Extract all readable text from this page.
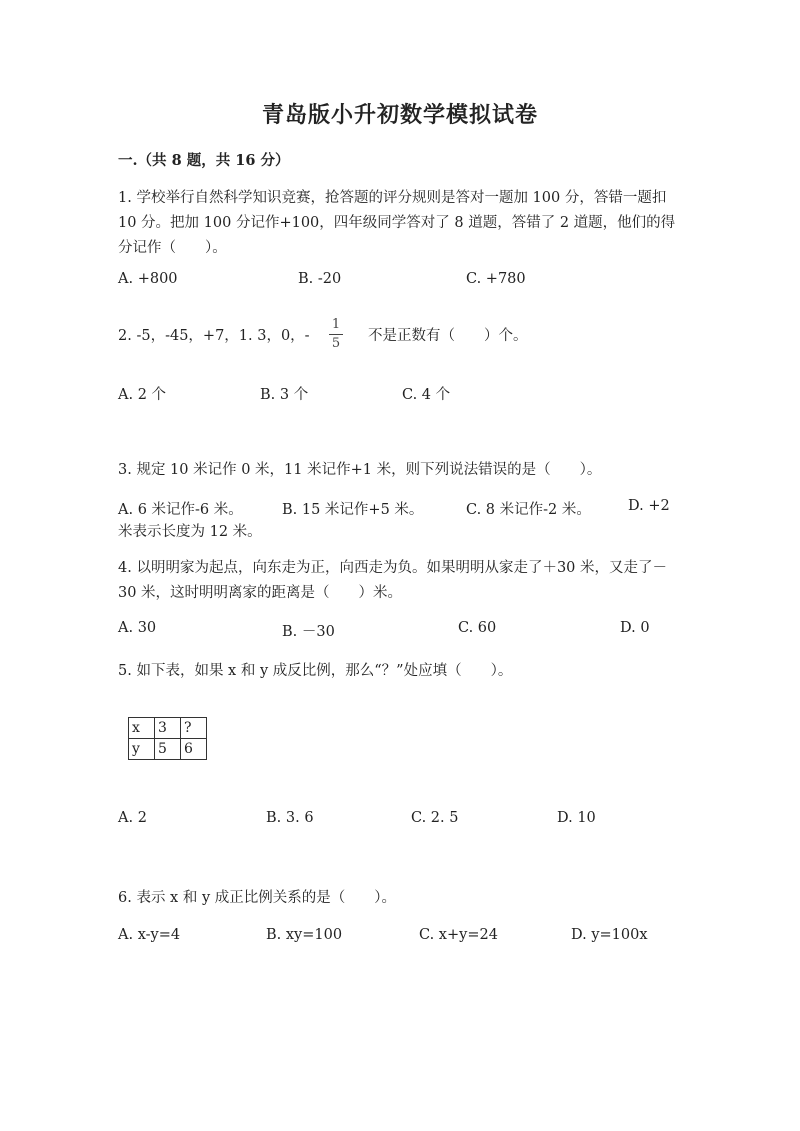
青岛版小升初数学模拟试卷
一.（共 8 题，共 16 分）
1. 学校举行自然科学知识竞赛，抢答题的评分规则是答对一题加 100 分，答错一题扣 10 分。把加 100 分记作+100，四年级同学答对了 8 道题，答错了 2 道题，他们的得分记作（　　）。
A. +800	B. -20	C. +780
2. -5，-45，+7，1. 3，0，-
1
5 不是正数有（　　）个。
A. 2 个	B. 3 个	C. 4 个
3. 规定 10 米记作 0 米，11 米记作+1 米，则下列说法错误的是（　　）。
A. 6 米记作-6 米。	B. 15 米记作+5 米。	C. 8 米记作-2 米。	D. +2
米表示长度为 12 米。
4. 以明明家为起点，向东走为正，向西走为负。如果明明从家走了＋30 米，又走了－30 米，这时明明离家的距离是（　　）米。
A. 30	B. －30	C. 60	D. 0
5. 如下表，如果 x 和 y 成反比例，那么“？”处应填（　　）。
x	3	?
y	5	6
A. 2	B. 3. 6	C. 2. 5	D. 10
6. 表示 x 和 y 成正比例关系的是（　　）。
A. x-y=4	B. xy=100	C. x+y=24	D. y=100x
